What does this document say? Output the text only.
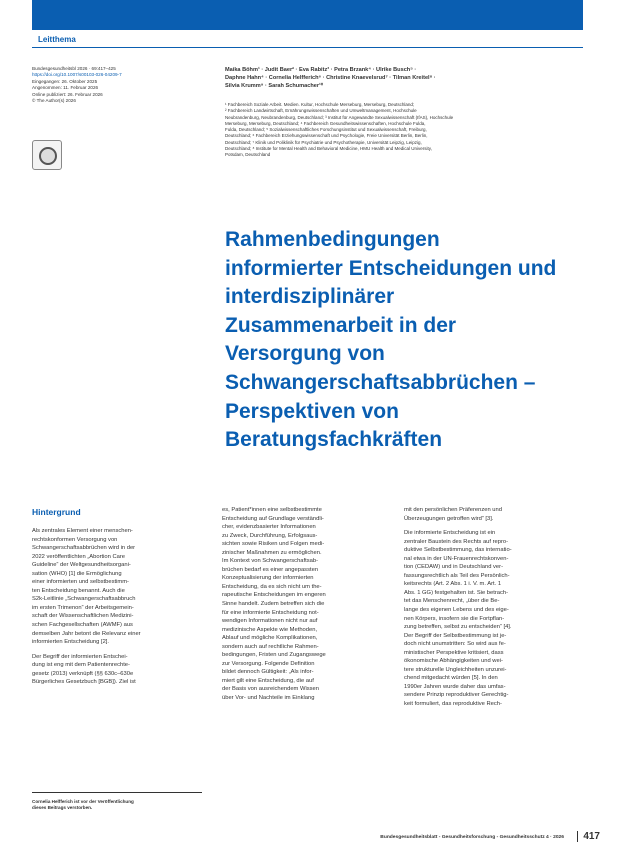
Leitthema
Bundesgesundheitsbl 2026 · 69:417–425
https://doi.org/10.1007/s00103-026-04209-7
Eingegangen: 26. Oktober 2025
Angenommen: 11. Februar 2026
Online publiziert: 26. Februar 2026
© The Author(s) 2026
Maika Böhm¹ · Judit Baer² · Eva Rabitz³ · Petra Brzank⁴ · Ulrike Busch⁵ ·
Daphne Hahn⁴ · Cornelia Helfferich⁶ · Christine Knaevelsrud⁷ · Tilman Kreitel⁸ ·
Silvia Krumm⁹ · Sarah Schumacher¹⁰
¹ Fachbereich Soziale Arbeit. Medien. Kultur, Hochschule Merseburg, Merseburg, Deutschland;
² Fachbereich Landwirtschaft, Ernährungswissenschaften und Umweltmanagement, Hochschule
Neubrandenburg, Neubrandenburg, Deutschland; ³ Institut für Angewandte Sexualwissenschaft (IfAS), Hochschule
Merseburg, Merseburg, Deutschland; ⁴ Fachbereich Gesundheitswissenschaften, Hochschule Fulda,
Fulda, Deutschland; ⁵ Sozialwissenschaftliches Forschungsinstitut und Sexualwissenschaft, Freiburg,
Deutschland; ⁶ Fachbereich Erziehungswissenschaft und Psychologie, Freie Universität Berlin, Berlin,
Deutschland; ⁷ Klinik und Poliklinik für Psychiatrie und Psychotherapie, Universität Leipzig, Leipzig,
Deutschland; ⁸ Institute for Mental Health and Behavioral Medicine, HMU Health and Medical University,
Potsdam, Deutschland
Rahmenbedingungen
informierter Entscheidungen und
interdisziplinärer
Zusammenarbeit in der
Versorgung von
Schwangerschaftsabbrüchen –
Perspektiven von
Beratungsfachkräften
Hintergrund
Als zentrales Element einer menschen-
rechtskonformen Versorgung von
Schwangerschaftsabbrüchen wird in der
2022 veröffentlichten „Abortion Care
Guideline“ der Weltgesundheitsorgani-
sation (WHO) [1] die Ermöglichung
einer informierten und selbstbestimm-
ten Entscheidung benannt. Auch die
S2k-Leitlinie „Schwangerschaftsabbruch
im ersten Trimenon“ der Arbeitsgemein-
schaft der Wissenschaftlichen Medizini-
schen Fachgesellschaften (AWMF) aus
demselben Jahr betont die Relevanz einer
informierten Entscheidung [2].
Der Begriff der informierten Entschei-
dung ist eng mit dem Patientenrechte-
gesetz (2013) verknüpft (§§ 630c–630e
Bürgerliches Gesetzbuch [BGB]). Ziel ist
es, Patient*innen eine selbstbestimmte
Entscheidung auf Grundlage verständli-
cher, evidenzbasierter Informationen
zu Zweck, Durchführung, Erfolgsaus-
sichten sowie Risiken und Folgen medi-
zinischer Maßnahmen zu ermöglichen.
Im Kontext von Schwangerschaftsab-
brüchen bedarf es einer angepassten
Konzeptualisierung der informierten
Entscheidung, da es sich nicht um the-
rapeutische Entscheidungen im engeren
Sinne handelt. Zudem betreffen sich die
für eine informierte Entscheidung not-
wendigen Informationen nicht nur auf
medizinische Aspekte wie Methoden,
Ablauf und mögliche Komplikationen,
sondern auch auf rechtliche Rahmen-
bedingungen, Fristen und Zugangswege
zur Versorgung. Folgende Definition
bildet dennoch Gültigkeit: „Als infor-
miert gilt eine Entscheidung, die auf
der Basis von ausreichendem Wissen
über Vor- und Nachteile im Einklang
mit den persönlichen Präferenzen und
Überzeugungen getroffen wird“ [3].
Die informierte Entscheidung ist ein
zentraler Baustein des Rechts auf repro-
duktive Selbstbestimmung, das internatio-
nal etwa in der UN-Frauenrechtskonven-
tion (CEDAW) und in Deutschland ver-
fassungsrechtlich als Teil des Persönlich-
keitsrechts (Art. 2 Abs. 1 i. V. m. Art. 1
Abs. 1 GG) festgehalten ist. Sie betrach-
tet das Menschenrecht, „über die Be-
lange des eigenen Lebens und des eige-
nen Körpers, insofern sie die Fortpflan-
zung betreffen, selbst zu entscheiden“ [4].
Der Begriff der Selbstbestimmung ist je-
doch nicht unumstritten: So wird aus fe-
ministischer Perspektive kritisiert, dass
ökonomische Abhängigkeiten und wei-
tere strukturelle Ungleichheiten unzurei-
chend mitgedacht würden [5]. In den
1990er Jahren wurde daher das umfas-
sendere Prinzip reproduktiver Gerechtig-
keit formuliert, das reproduktive Rech-
Cornelia Helfferich ist vor der Veröffentlichung
dieses Beitrags verstorben.
Bundesgesundheitsblatt - Gesundheitsforschung - Gesundheitsschutz 4 · 2026	417
